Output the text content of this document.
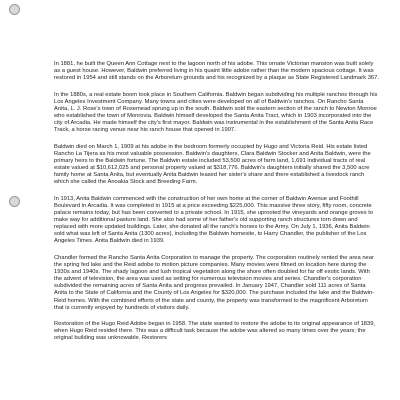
In 1881, he built the Queen Ann Cottage next to the lagoon north of his adobe. This ornate Victorian mansion was built solely as a guest house. However, Baldwin preferred living in his quaint little adobe rather than the modern spacious cottage. It was restored in 1954 and still stands on the Arboretum grounds and his recognized by a plaque as State Registered Landmark 367.

In the 1880s, a real estate boom took place in Southern California. Baldwin began subdividing his multiple ranchos through his Los Angeles Investment Company. Many towns and cities were developed on all of Baldwin's ranchos. On Rancho Santa Anita, L. J. Rose's town of Rosemead sprung up in the south. Baldwin sold the eastern section of the ranch to Newton Monroe who established the town of Monrovia. Baldwin himself developed the Santa Anita Tract, which in 1903 incorporated into the city of Arcadia. He made himself the city's first mayor. Baldwin was instrumental in the establishment of the Santa Anita Race Track, a horse racing venue near his ranch house that opened in 1907.

Baldwin died on March 1, 1909 at his adobe in the bedroom formerly occupied by Hugo and Victoria Reid. His estate listed Rancho La Tijera as his most valuable possession. Baldwin's daughters, Clara Baldwin Stocker and Anita Baldwin, were the primary heirs to the Baldwin fortune. The Baldwin estate included 53,500 acres of farm land, 1,691 individual tracts of real estate valued at $10,612,025 and personal property valued at $318,776. Baldwin's daughters initially shared the 3,500 acre family home at Santa Anita, but eventually Anita Baldwin leased her sister's share and there established a livestock ranch which she called the Anoakia Stock and Breeding Farm.

In 1913, Anita Baldwin commenced with the construction of her own home at the corner of Baldwin Avenue and Foothill Boulevard in Arcadia. It was completed in 1915 at a price exceeding $225,000. This massive three story, fifty room, concrete palace remains today, but has been converted to a private school. In 1915, she uprooted the vineyards and orange groves to make way for additional pasture land. She also had some of her father's old supporting ranch structures torn down and replaced with more updated buildings. Later, she donated all the ranch's horses to the Army. On July 1, 1936, Anita Baldwin sold what was left of Santa Anita (1300 acres), including the Baldwin homesite, to Harry Chandler, the publisher of the Los Angeles Times. Anita Baldwin died in 1939.

Chandler formed the Rancho Santa Anita Corporation to manage the property. The corporation routinely rented the area near the spring fed lake and the Reid adobe to motion picture companies. Many movies were filmed on location here during the 1930s and 1940s. The shady lagoon and lush tropical vegetation along the shore often doubled for far off exotic lands. With the advent of television, the area was used as setting for numerous television movies and series. Chandler's corporation subdivided the remaining acres of Santa Anita and progress prevailed. In January 1947, Chandler sold 111 acres of Santa Anita to the State of California and the County of Los Angeles for $320,000. The purchase included the lake and the Baldwin-Reid homes. With the combined efforts of the state and county, the property was transformed to the magnificent Arboretum that is currently enjoyed by hundreds of visitors daily.

Restoration of the Hugo Reid Adobe began in 1958. The state wanted to restore the adobe to its original appearance of 1839, when Hugo Reid resided there. This was a difficult task because the adobe was altered so many times over the years; the original building was unknowable. Restorers
